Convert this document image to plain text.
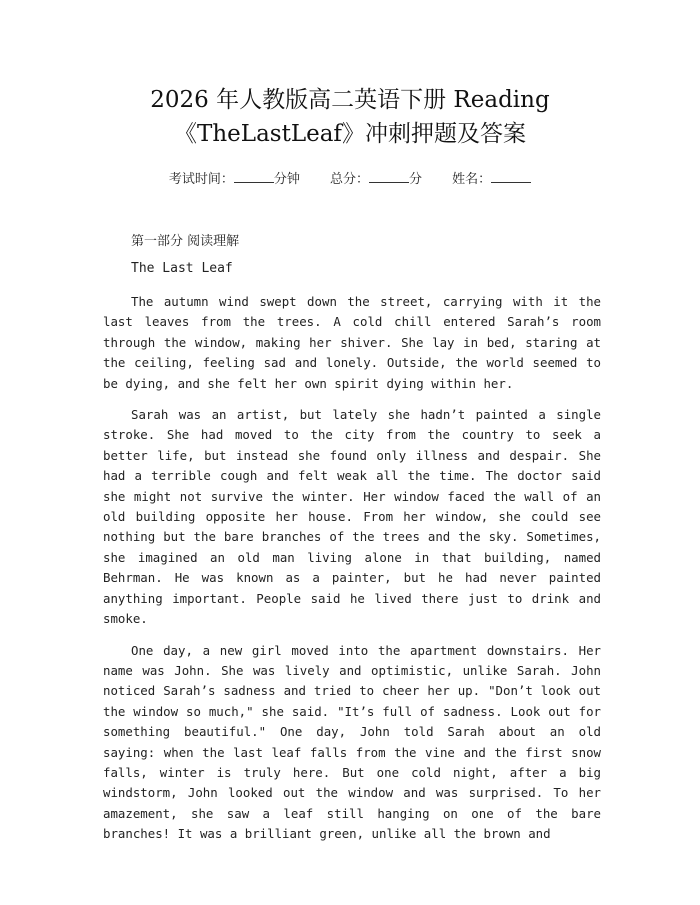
2026 年人教版高二英语下册 Reading
《TheLastLeaf》冲刺押题及答案
考试时间：	分钟 总分：	分 姓名：
第一部分 阅读理解
The Last Leaf

The autumn wind swept down the street, carrying with it the last leaves from the trees. A cold chill entered Sarah’s room through the window, making her shiver. She lay in bed, staring at the ceiling, feeling sad and lonely. Outside, the world seemed to be dying, and she felt her own spirit dying within her.

Sarah was an artist, but lately she hadn’t painted a single stroke. She had moved to the city from the country to seek a better life, but instead she found only illness and despair. She had a terrible cough and felt weak all the time. The doctor said she might not survive the winter. Her window faced the wall of an old building opposite her house. From her window, she could see nothing but the bare branches of the trees and the sky. Sometimes, she imagined an old man living alone in that building, named Behrman. He was known as a painter, but he had never painted anything important. People said he lived there just to drink and smoke.

One day, a new girl moved into the apartment downstairs. Her name was John. She was lively and optimistic, unlike Sarah. John noticed Sarah’s sadness and tried to cheer her up. "Don’t look out the window so much," she said. "It’s full of sadness. Look out for something beautiful." One day, John told Sarah about an old saying: when the last leaf falls from the vine and the first snow falls, winter is truly here. But one cold night, after a big windstorm, John looked out the window and was surprised. To her amazement, she saw a leaf still hanging on one of the bare branches! It was a brilliant green, unlike all the brown and
